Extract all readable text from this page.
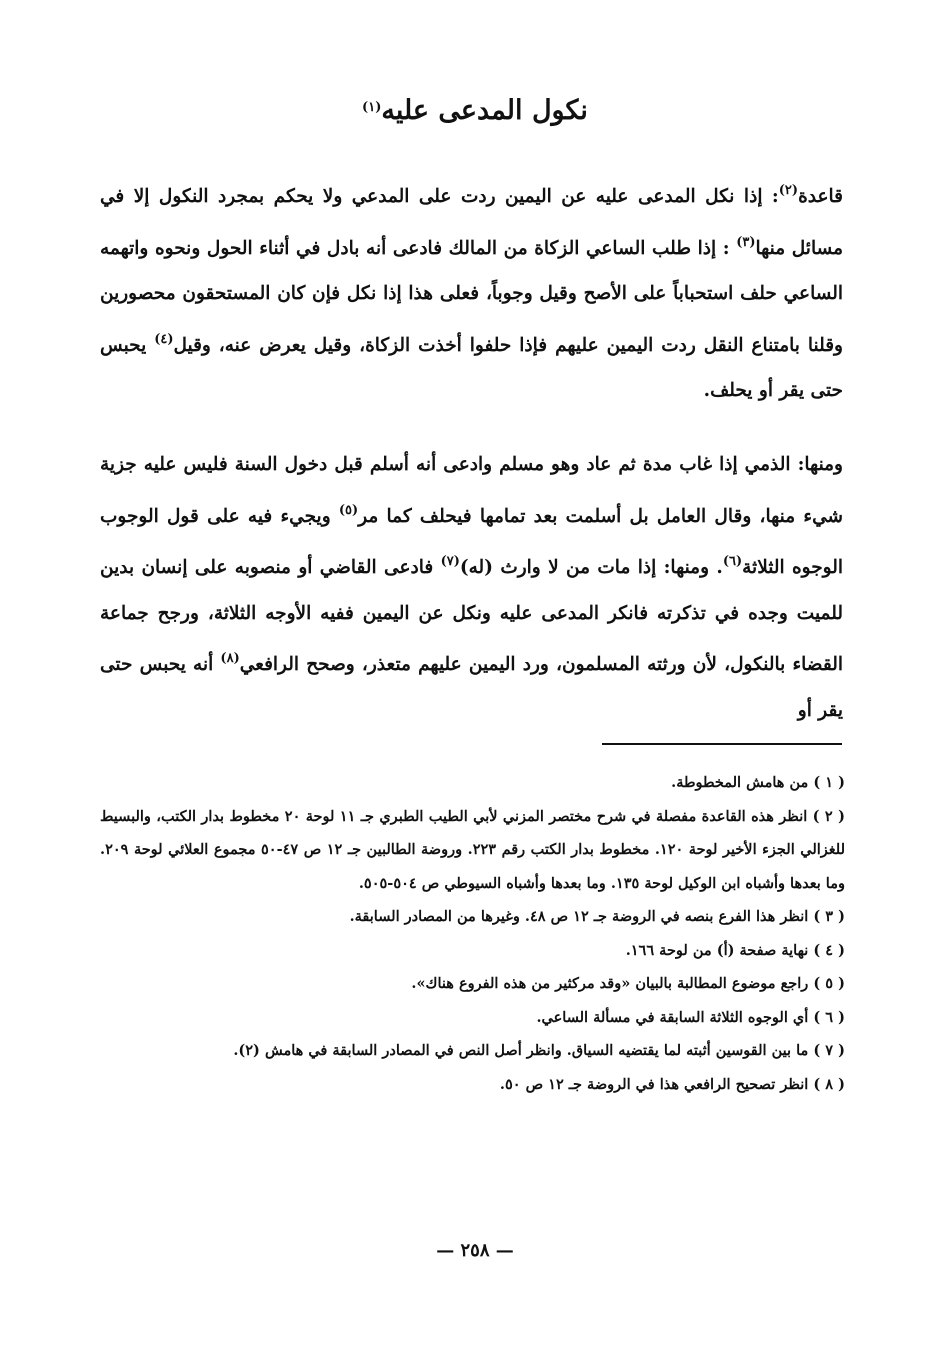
نكول المدعى عليه$^{(١)}$
قاعدة$^{(٢)}$: إذا نكل المدعى عليه عن اليمين ردت على المدعي ولا يحكم بمجرد النكول إلا في مسائل منها$^{(٣)}$ : إذا طلب الساعي الزكاة من المالك فادعى أنه بادل في أثناء الحول ونحوه واتهمه الساعي حلف استحباباً على الأصح وقيل وجوباً، فعلى هذا إذا نكل فإن كان المستحقون محصورين وقلنا بامتناع النقل ردت اليمين عليهم فإذا حلفوا أخذت الزكاة، وقيل يعرض عنه، وقيل$^{(٤)}$ يحبس حتى يقر أو يحلف.
ومنها: الذمي إذا غاب مدة ثم عاد وهو مسلم وادعى أنه أسلم قبل دخول السنة فليس عليه جزية شيء منها، وقال العامل بل أسلمت بعد تمامها فيحلف كما مر$^{(٥)}$ ويجيء فيه على قول الوجوب الوجوه الثلاثة$^{(٦)}$. ومنها: إذا مات من لا وارث (له)$^{(٧)}$ فادعى القاضي أو منصوبه على إنسان بدين للميت وجده في تذكرته فانكر المدعى عليه ونكل عن اليمين ففيه الأوجه الثلاثة، ورجح جماعة القضاء بالنكول، لأن ورثته المسلمون، ورد اليمين عليهم متعذر، وصحح الرافعي$^{(٨)}$ أنه يحبس حتى يقر أو
( ١ ) من هامش المخطوطة.
( ٢ ) انظر هذه القاعدة مفصلة في شرح مختصر المزني لأبي الطيب الطبري جـ ١١ لوحة ٢٠ مخطوط بدار الكتب، والبسيط للغزالي الجزء الأخير لوحة ١٢٠. مخطوط بدار الكتب رقم ٢٢٣. وروضة الطالبين جـ ١٢ ص ٤٧-٥٠ مجموع العلائي لوحة ٢٠٩. وما بعدها وأشباه ابن الوكيل لوحة ١٣٥. وما بعدها وأشباه السيوطي ص ٥٠٤-٥٠٥.
( ٣ ) انظر هذا الفرع بنصه في الروضة جـ ١٢ ص ٤٨. وغيرها من المصادر السابقة.
( ٤ ) نهاية صفحة (أ) من لوحة ١٦٦.
( ٥ ) راجع موضوع المطالبة بالبيان «وقد مركثير من هذه الفروع هناك».
( ٦ ) أي الوجوه الثلاثة السابقة في مسألة الساعي.
( ٧ ) ما بين القوسين أثبته لما يقتضيه السياق. وانظر أصل النص في المصادر السابقة في هامش (٢).
( ٨ ) انظر تصحيح الرافعي هذا في الروضة جـ ١٢ ص ٥٠.
— ٢٥٨ —
